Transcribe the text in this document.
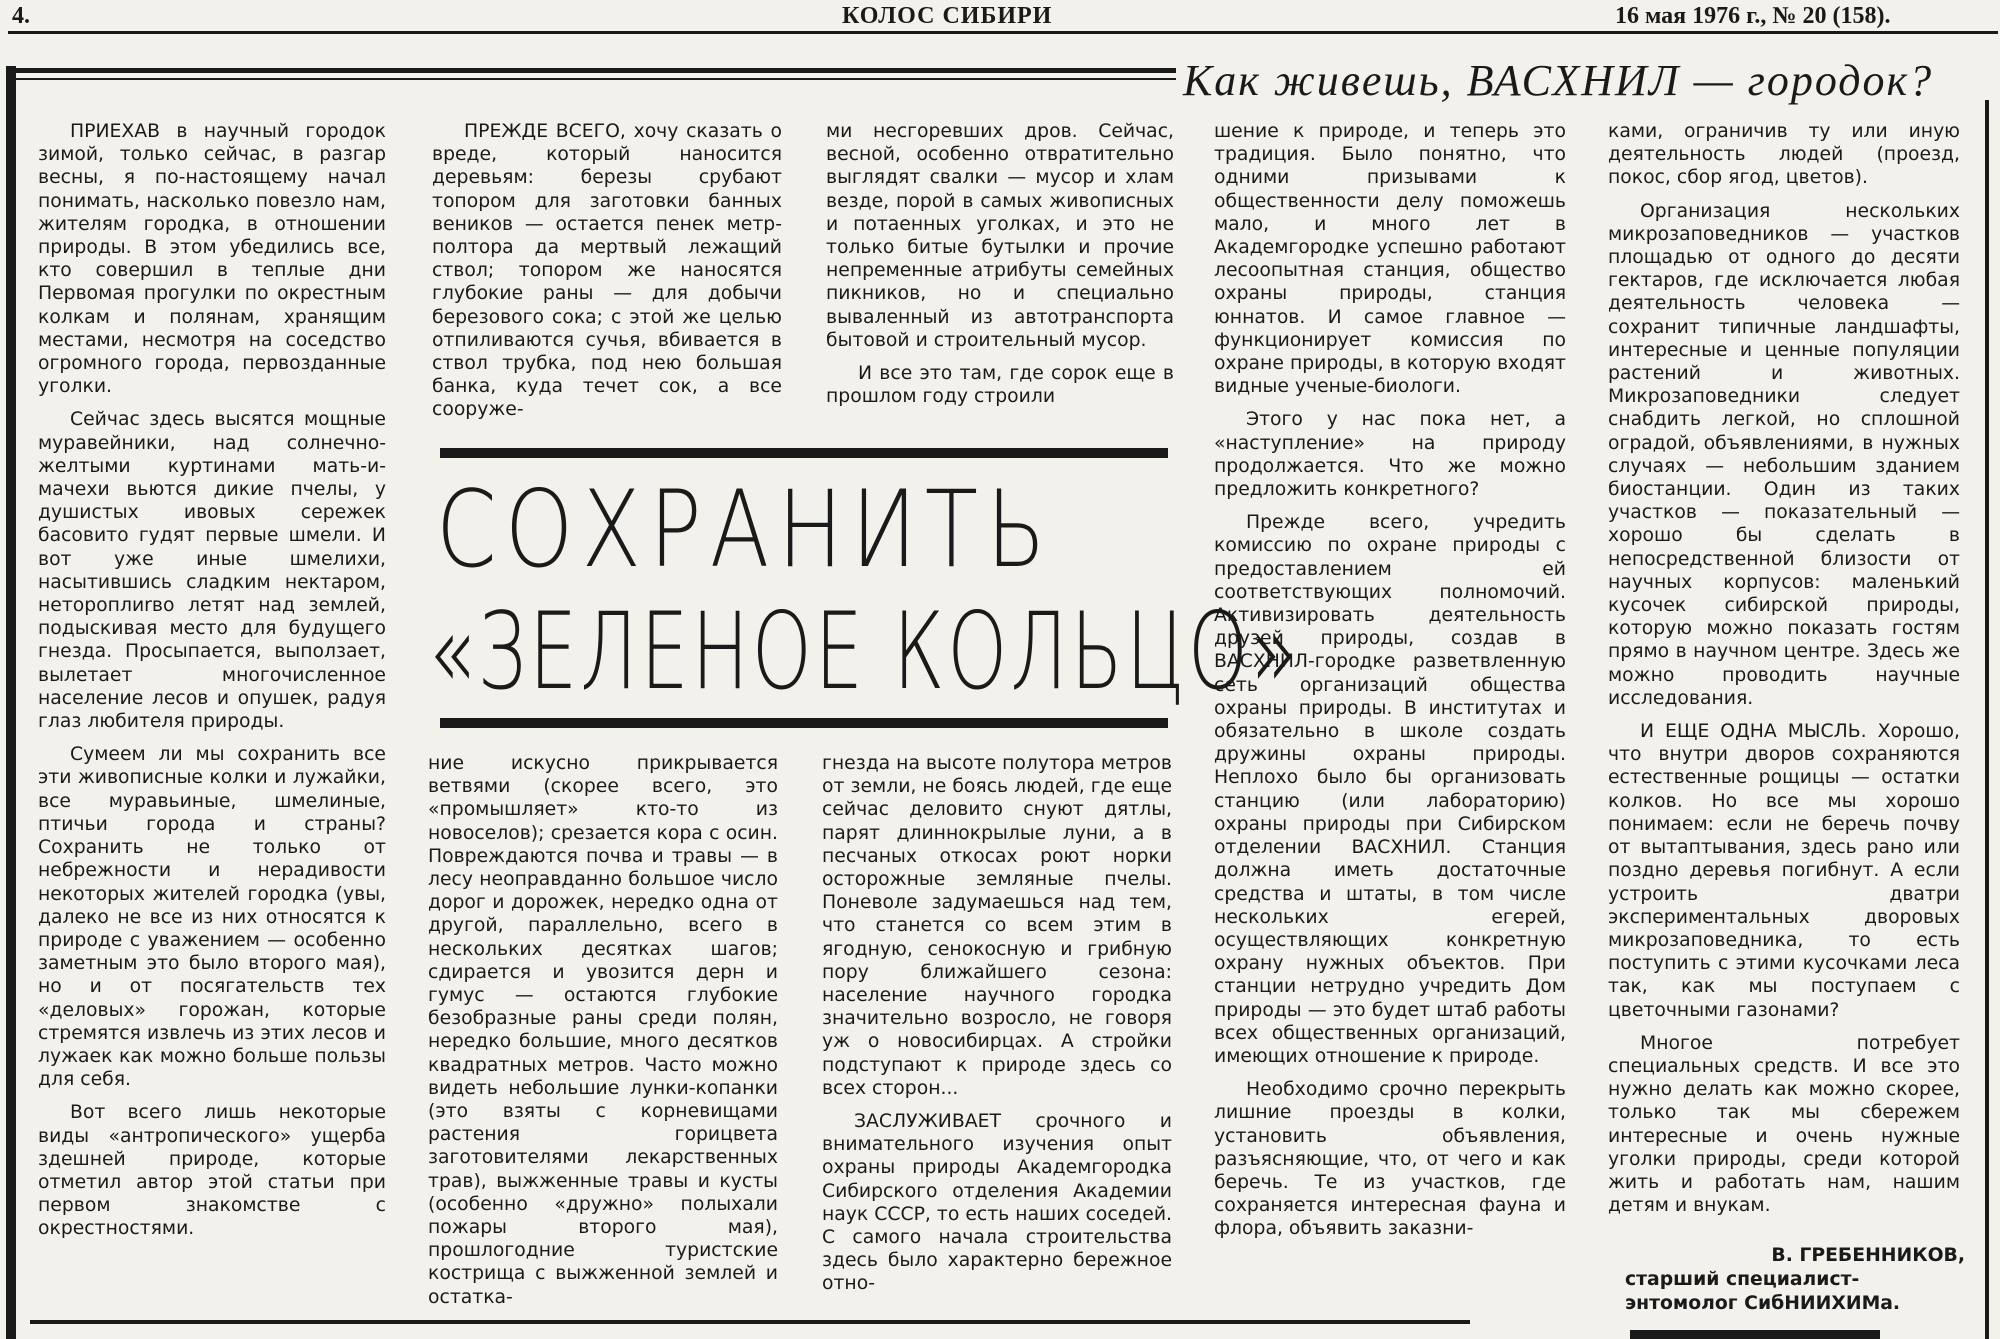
4.	КОЛОС СИБИРИ	16 мая 1976 г., № 20 (158).
Как живешь, ВАСХНИЛ — городок?

ПРИЕХАВ в научный городок зимой, только сейчас, в разгар весны, я по-настоящему начал понимать, насколько повезло нам, жителям городка, в отношении природы. В этом убедились все, кто совершил в теплые дни Первомая прогулки по окрестным колкам и полянам, хранящим местами, несмотря на соседство огромного города, первозданные уголки.

Сейчас здесь высятся мощные муравейники, над солнечно-желтыми куртинами мать-и-мачехи вьются дикие пчелы, у душистых ивовых сережек басовито гудят первые шмели. И вот уже иные шмелихи, насытившись сладким нектаром, нетороплиrво летят над землей, подыскивая место для будущего гнезда. Просыпается, выползает, вылетает многочисленное население лесов и опушек, радуя глаз любителя природы.

Сумеем ли мы сохранить все эти живописные колки и лужайки, все муравьиные, шмелиные, птичьи города и страны? Сохранить не только от небрежности и нерадивости некоторых жителей городка (увы, далеко не все из них относятся к природе с уважением — особенно заметным это было второго мая), но и от посягательств тех «деловых» горожан, которые стремятся извлечь из этих лесов и лужаек как можно больше пользы для себя.

Вот всего лишь некоторые виды «антропического» ущерба здешней природе, которые отметил автор этой статьи при первом знакомстве с окрестностями.

ПРЕЖДЕ ВСЕГО, хочу сказать о вреде, который наносится деревьям: березы срубают топором для заготовки банных веников — остается пенек метр-полтора да мертвый лежащий ствол; топором же наносятся глубокие раны — для добычи березового сока; с этой же целью отпиливаются сучья, вбивается в ствол трубка, под нею большая банка, куда течет сок, а все сооруже-

ми несгоревших дров. Сейчас, весной, особенно отвратительно выглядят свалки — мусор и хлам везде, порой в самых живописных и потаенных уголках, и это не только битые бутылки и прочие непременные атрибуты семейных пикников, но и специально вываленный из автотранспорта бытовой и строительный мусор.

И все это там, где сорок еще в прошлом году строили

СОХРАНИТЬ
«ЗЕЛЕНОЕ КОЛЬЦО»

ние искусно прикрывается ветвями (скорее всего, это «промышляет» кто-то из новоселов); срезается кора с осин. Повреждаются почва и травы — в лесу неоправданно большое число дорог и дорожек, нередко одна от другой, параллельно, всего в нескольких десятках шагов; сдирается и увозится дерн и гумус — остаются глубокие безобразные раны среди полян, нередко большие, много десятков квадратных метров. Часто можно видеть небольшие лунки-копанки (это взяты с корневищами растения горицвета заготовителями лекарственных трав), выжженные травы и кусты (особенно «дружно» полыхали пожары второго мая), прошлогодние туристские кострища с выжженной землей и остатка-

гнезда на высоте полутора метров от земли, не боясь людей, где еще сейчас деловито снуют дятлы, парят длиннокрылые луни, а в песчаных откосах роют норки осторожные земляные пчелы. Поневоле задумаешься над тем, что станется со всем этим в ягодную, сенокосную и грибную пору ближайшего сезона: население научного городка значительно возросло, не говоря уж о новосибирцах. А стройки подступают к природе здесь со всех сторон...

ЗАСЛУЖИВАЕТ срочного и внимательного изучения опыт охраны природы Академгородка Сибирского отделения Академии наук СССР, то есть наших соседей. С самого начала строительства здесь было характерно бережное отно-

шение к природе, и теперь это традиция. Было понятно, что одними призывами к общественности делу поможешь мало, и много лет в Академгородке успешно работают лесоопытная станция, общество охраны природы, станция юннатов. И самое главное — функционирует комиссия по охране природы, в которую входят видные ученые-биологи.

Этого у нас пока нет, а «наступление» на природу продолжается. Что же можно предложить конкретного?

Прежде всего, учредить комиссию по охране природы с предоставлением ей соответствующих полномочий. Активизировать деятельность друзей природы, создав в ВАСХНИЛ-городке разветвленную сеть организаций общества охраны природы. В институтах и обязательно в школе создать дружины охраны природы. Неплохо было бы организовать станцию (или лабораторию) охраны природы при Сибирском отделении ВАСХНИЛ. Станция должна иметь достаточные средства и штаты, в том числе нескольких егерей, осуществляющих конкретную охрану нужных объектов. При станции нетрудно учредить Дом природы — это будет штаб работы всех общественных организаций, имеющих отношение к природе.

Необходимо срочно перекрыть лишние проезды в колки, установить объявления, разъясняющие, что, от чего и как беречь. Те из участков, где сохраняется интересная фауна и флора, объявить заказни-

ками, ограничив ту или иную деятельность людей (проезд, покос, сбор ягод, цветов).

Организация нескольких микрозаповедников — участков площадью от одного до десяти гектаров, где исключается любая деятельность человека — сохранит типичные ландшафты, интересные и ценные популяции растений и животных. Микрозаповедники следует снабдить легкой, но сплошной оградой, объявлениями, в нужных случаях — небольшим зданием биостанции. Один из таких участков — показательный — хорошо бы сделать в непосредственной близости от научных корпусов: маленький кусочек сибирской природы, которую можно показать гостям прямо в научном центре. Здесь же можно проводить научные исследования.

И ЕЩЕ ОДНА МЫСЛЬ. Хорошо, что внутри дворов сохраняются естественные рощицы — остатки колков. Но все мы хорошо понимаем: если не беречь почву от вытаптывания, здесь рано или поздно деревья погибнут. А если устроить дватри экспериментальных дворовых микрозаповедника, то есть поступить с этими кусочками леса так, как мы поступаем с цветочными газонами?

Многое потребует специальных средств. И все это нужно делать как можно скорее, только так мы сбережем интересные и очень нужные уголки природы, среди которой жить и работать нам, нашим детям и внукам.

В. ГРЕБЕННИКОВ,
старший специалист-энтомолог СибНИИХИМа.
